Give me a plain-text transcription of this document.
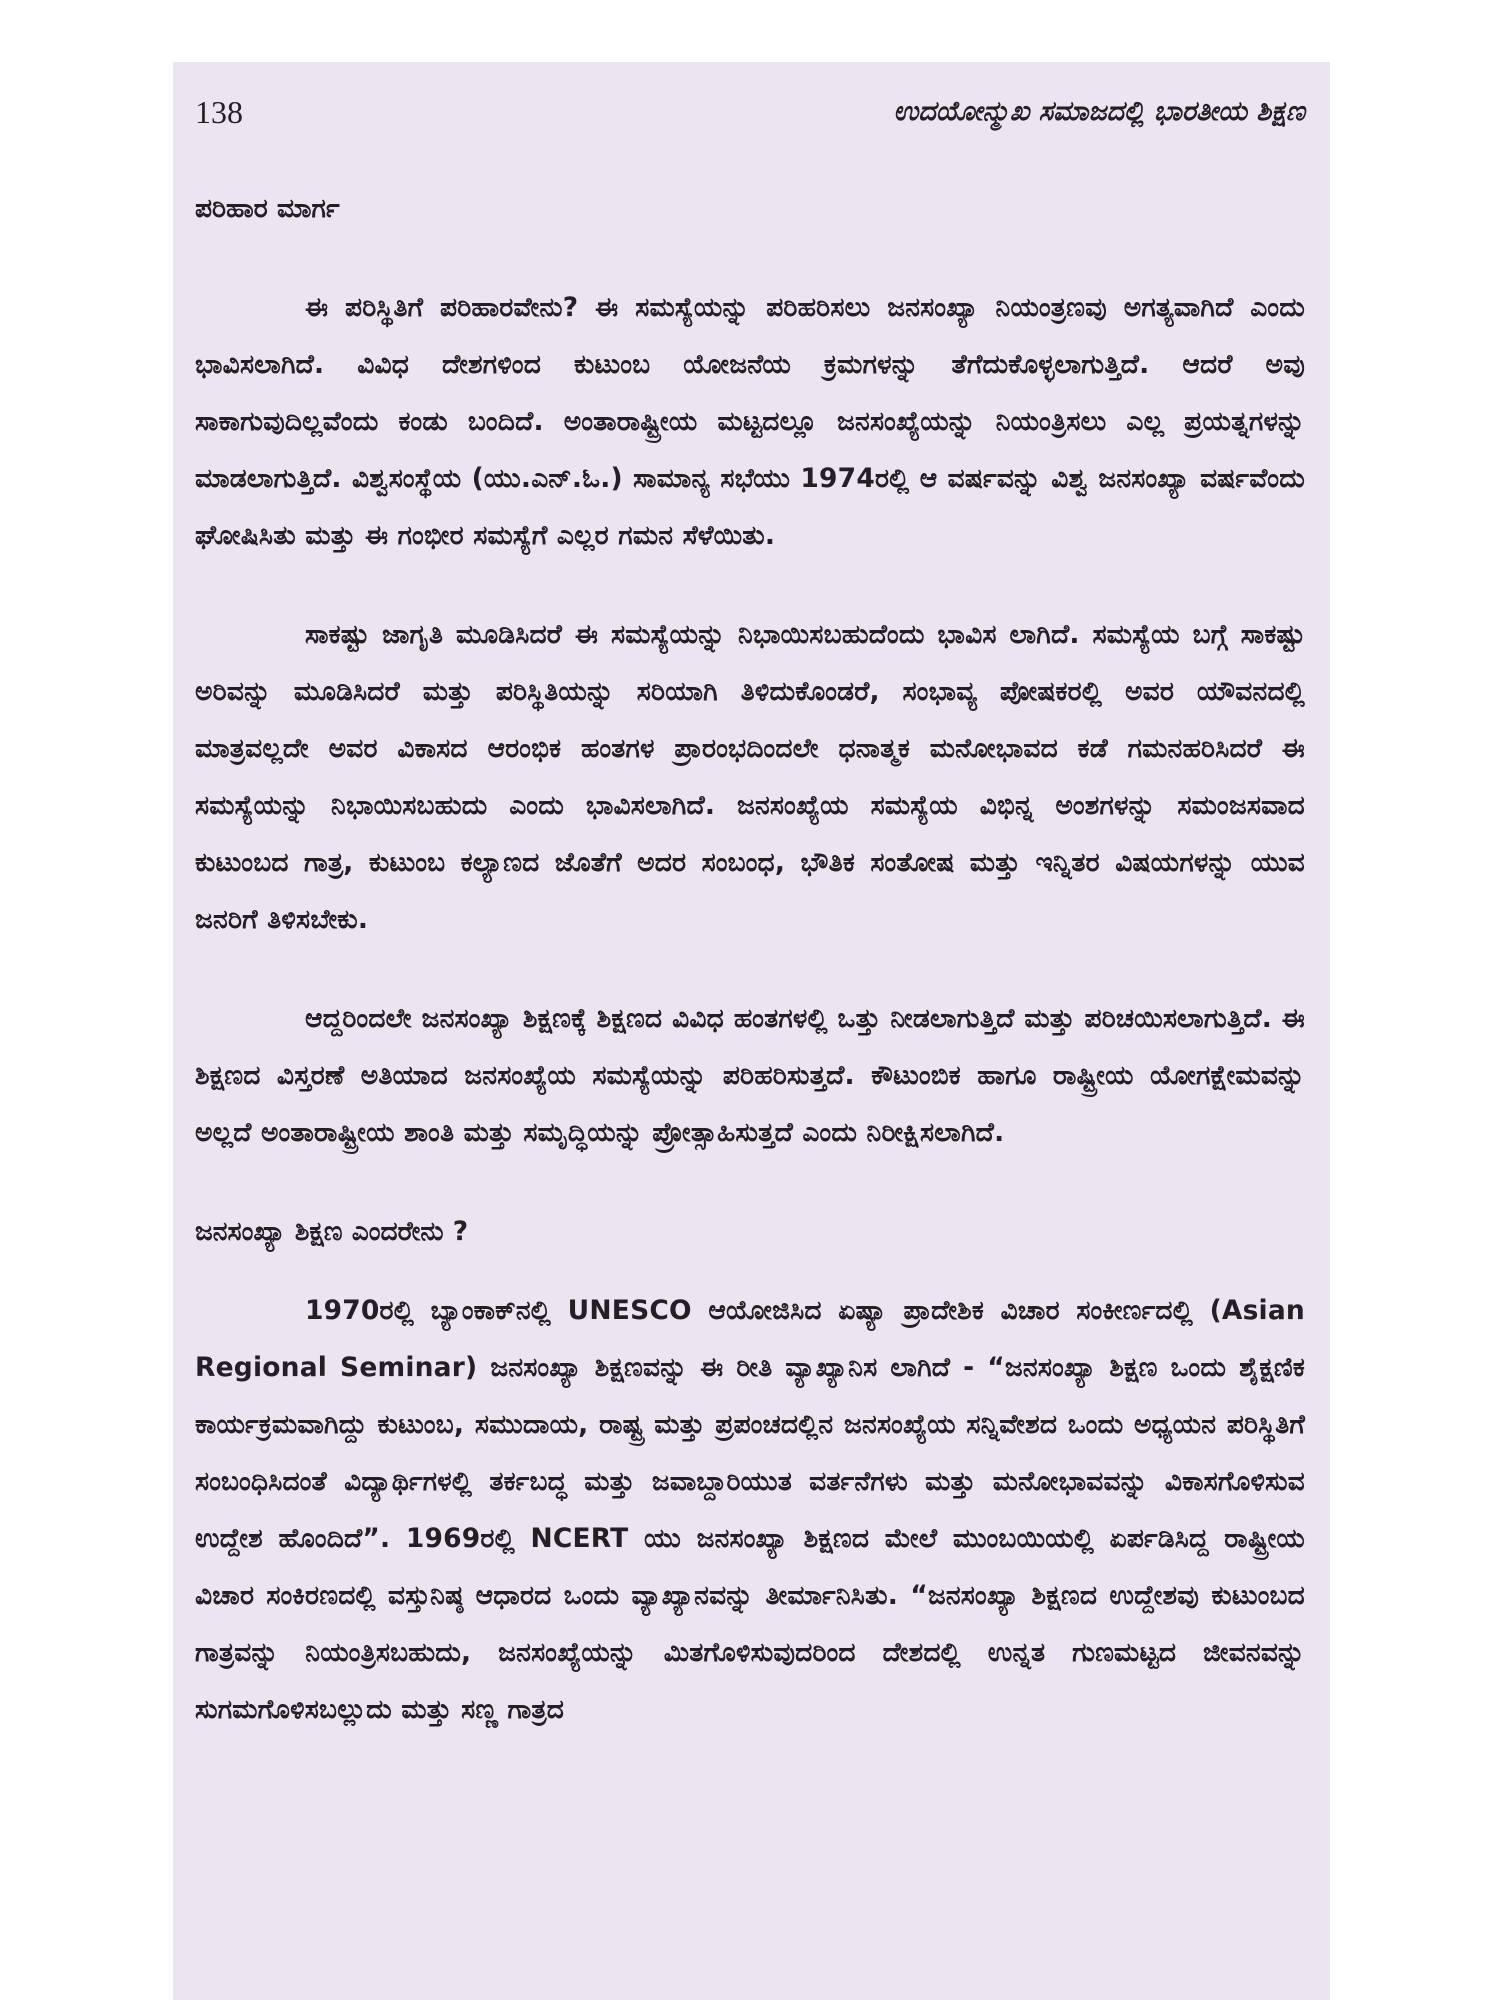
138	ಉದಯೋನ್ಮುಖ ಸಮಾಜದಲ್ಲಿ ಭಾರತೀಯ ಶಿಕ್ಷಣ
ಪರಿಹಾರ ಮಾರ್ಗ

ಈ ಪರಿಸ್ಥಿತಿಗೆ ಪರಿಹಾರವೇನು? ಈ ಸಮಸ್ಯೆಯನ್ನು ಪರಿಹರಿಸಲು ಜನಸಂಖ್ಯಾ ನಿಯಂತ್ರಣವು ಅಗತ್ಯವಾಗಿದೆ ಎಂದು ಭಾವಿಸಲಾಗಿದೆ. ವಿವಿಧ ದೇಶಗಳಿಂದ ಕುಟುಂಬ ಯೋಜನೆಯ ಕ್ರಮಗಳನ್ನು ತೆಗೆದುಕೊಳ್ಳಲಾಗುತ್ತಿದೆ. ಆದರೆ ಅವು ಸಾಕಾಗುವುದಿಲ್ಲವೆಂದು ಕಂಡು ಬಂದಿದೆ. ಅಂತಾರಾಷ್ಟ್ರೀಯ ಮಟ್ಟದಲ್ಲೂ ಜನಸಂಖ್ಯೆಯನ್ನು ನಿಯಂತ್ರಿಸಲು ಎಲ್ಲ ಪ್ರಯತ್ನಗಳನ್ನು ಮಾಡಲಾಗುತ್ತಿದೆ. ವಿಶ್ವಸಂಸ್ಥೆಯ (ಯು.ಎನ್.ಓ.) ಸಾಮಾನ್ಯ ಸಭೆಯು 1974ರಲ್ಲಿ ಆ ವರ್ಷವನ್ನು ವಿಶ್ವ ಜನಸಂಖ್ಯಾ ವರ್ಷವೆಂದು ಘೋಷಿಸಿತು ಮತ್ತು ಈ ಗಂಭೀರ ಸಮಸ್ಯೆಗೆ ಎಲ್ಲರ ಗಮನ ಸೆಳೆಯಿತು.

ಸಾಕಷ್ಟು ಜಾಗೃತಿ ಮೂಡಿಸಿದರೆ ಈ ಸಮಸ್ಯೆಯನ್ನು ನಿಭಾಯಿಸಬಹುದೆಂದು ಭಾವಿಸ ಲಾಗಿದೆ. ಸಮಸ್ಯೆಯ ಬಗ್ಗೆ ಸಾಕಷ್ಟು ಅರಿವನ್ನು ಮೂಡಿಸಿದರೆ ಮತ್ತು ಪರಿಸ್ಥಿತಿಯನ್ನು ಸರಿಯಾಗಿ ತಿಳಿದುಕೊಂಡರೆ, ಸಂಭಾವ್ಯ ಪೋಷಕರಲ್ಲಿ ಅವರ ಯೌವನದಲ್ಲಿ ಮಾತ್ರವಲ್ಲದೇ ಅವರ ವಿಕಾಸದ ಆರಂಭಿಕ ಹಂತಗಳ ಪ್ರಾರಂಭದಿಂದಲೇ ಧನಾತ್ಮಕ ಮನೋಭಾವದ ಕಡೆ ಗಮನಹರಿಸಿದರೆ ಈ ಸಮಸ್ಯೆಯನ್ನು ನಿಭಾಯಿಸಬಹುದು ಎಂದು ಭಾವಿಸಲಾಗಿದೆ. ಜನಸಂಖ್ಯೆಯ ಸಮಸ್ಯೆಯ ವಿಭಿನ್ನ ಅಂಶಗಳನ್ನು ಸಮಂಜಸವಾದ ಕುಟುಂಬದ ಗಾತ್ರ, ಕುಟುಂಬ ಕಲ್ಯಾಣದ ಜೊತೆಗೆ ಅದರ ಸಂಬಂಧ, ಭೌತಿಕ ಸಂತೋಷ ಮತ್ತು ಇನ್ನಿತರ ವಿಷಯಗಳನ್ನು ಯುವ ಜನರಿಗೆ ತಿಳಿಸಬೇಕು.

ಆದ್ದರಿಂದಲೇ ಜನಸಂಖ್ಯಾ ಶಿಕ್ಷಣಕ್ಕೆ ಶಿಕ್ಷಣದ ವಿವಿಧ ಹಂತಗಳಲ್ಲಿ ಒತ್ತು ನೀಡಲಾಗುತ್ತಿದೆ ಮತ್ತು ಪರಿಚಯಿಸಲಾಗುತ್ತಿದೆ. ಈ ಶಿಕ್ಷಣದ ವಿಸ್ತರಣೆ ಅತಿಯಾದ ಜನಸಂಖ್ಯೆಯ ಸಮಸ್ಯೆಯನ್ನು ಪರಿಹರಿಸುತ್ತದೆ. ಕೌಟುಂಬಿಕ ಹಾಗೂ ರಾಷ್ಟ್ರೀಯ ಯೋಗಕ್ಷೇಮವನ್ನು ಅಲ್ಲದೆ ಅಂತಾರಾಷ್ಟ್ರೀಯ ಶಾಂತಿ ಮತ್ತು ಸಮೃದ್ಧಿಯನ್ನು ಪ್ರೋತ್ಸಾಹಿಸುತ್ತದೆ ಎಂದು ನಿರೀಕ್ಷಿಸಲಾಗಿದೆ.

ಜನಸಂಖ್ಯಾ ಶಿಕ್ಷಣ ಎಂದರೇನು ?

1970ರಲ್ಲಿ ಬ್ಯಾಂಕಾಕ್‌ನಲ್ಲಿ UNESCO ಆಯೋಜಿಸಿದ ಏಷ್ಯಾ ಪ್ರಾದೇಶಿಕ ವಿಚಾರ ಸಂಕೀರ್ಣದಲ್ಲಿ (Asian Regional Seminar) ಜನಸಂಖ್ಯಾ ಶಿಕ್ಷಣವನ್ನು ಈ ರೀತಿ ವ್ಯಾಖ್ಯಾನಿಸ ಲಾಗಿದೆ - “ಜನಸಂಖ್ಯಾ ಶಿಕ್ಷಣ ಒಂದು ಶೈಕ್ಷಣಿಕ ಕಾರ್ಯಕ್ರಮವಾಗಿದ್ದು ಕುಟುಂಬ, ಸಮುದಾಯ, ರಾಷ್ಟ್ರ ಮತ್ತು ಪ್ರಪಂಚದಲ್ಲಿನ ಜನಸಂಖ್ಯೆಯ ಸನ್ನಿವೇಶದ ಒಂದು ಅಧ್ಯಯನ ಪರಿಸ್ಥಿತಿಗೆ ಸಂಬಂಧಿಸಿದಂತೆ ವಿದ್ಯಾರ್ಥಿಗಳಲ್ಲಿ ತರ್ಕಬದ್ಧ ಮತ್ತು ಜವಾಬ್ದಾರಿಯುತ ವರ್ತನೆಗಳು ಮತ್ತು ಮನೋಭಾವವನ್ನು ವಿಕಾಸಗೊಳಿಸುವ ಉದ್ದೇಶ ಹೊಂದಿದೆ”. 1969ರಲ್ಲಿ NCERT ಯು ಜನಸಂಖ್ಯಾ ಶಿಕ್ಷಣದ ಮೇಲೆ ಮುಂಬಯಿಯಲ್ಲಿ ಏರ್ಪಡಿಸಿದ್ದ ರಾಷ್ಟ್ರೀಯ ವಿಚಾರ ಸಂಕಿರಣದಲ್ಲಿ ವಸ್ತುನಿಷ್ಠ ಆಧಾರದ ಒಂದು ವ್ಯಾಖ್ಯಾನವನ್ನು ತೀರ್ಮಾನಿಸಿತು. “ಜನಸಂಖ್ಯಾ ಶಿಕ್ಷಣದ ಉದ್ದೇಶವು ಕುಟುಂಬದ ಗಾತ್ರವನ್ನು ನಿಯಂತ್ರಿಸಬಹುದು, ಜನಸಂಖ್ಯೆಯನ್ನು ಮಿತಗೊಳಿಸುವುದರಿಂದ ದೇಶದಲ್ಲಿ ಉನ್ನತ ಗುಣಮಟ್ಟದ ಜೀವನವನ್ನು ಸುಗಮಗೊಳಿಸಬಲ್ಲುದು ಮತ್ತು ಸಣ್ಣ ಗಾತ್ರದ
